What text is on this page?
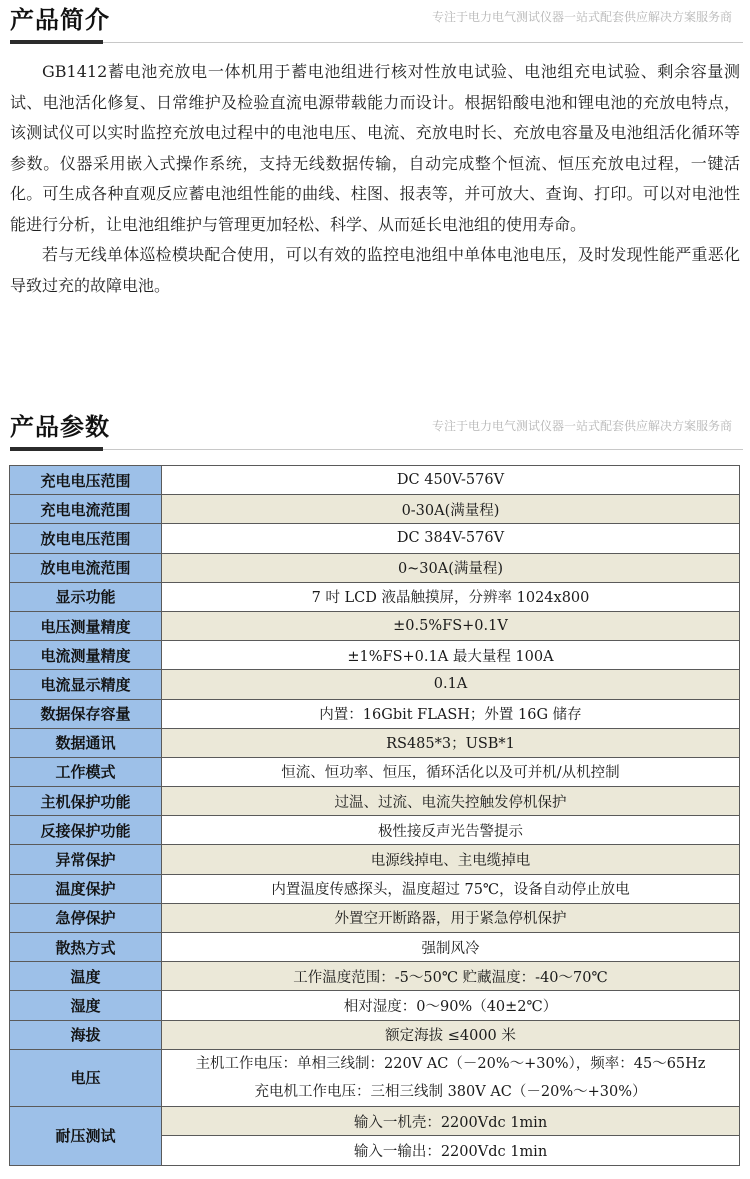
产品简介	专注于电力电气测试仪器一站式配套供应解决方案服务商

GB1412蓄电池充放电一体机用于蓄电池组进行核对性放电试验、电池组充电试验、剩余容量测试、电池活化修复、日常维护及检验直流电源带载能力而设计。根据铅酸电池和锂电池的充放电特点，该测试仪可以实时监控充放电过程中的电池电压、电流、充放电时长、充放电容量及电池组活化循环等参数。仪器采用嵌入式操作系统，支持无线数据传输，自动完成整个恒流、恒压充放电过程，一键活化。可生成各种直观反应蓄电池组性能的曲线、柱图、报表等，并可放大、查询、打印。可以对电池性能进行分析，让电池组维护与管理更加轻松、科学、从而延长电池组的使用寿命。

若与无线单体巡检模块配合使用，可以有效的监控电池组中单体电池电压，及时发现性能严重恶化导致过充的故障电池。

产品参数	专注于电力电气测试仪器一站式配套供应解决方案服务商
充电电压范围	DC 450V-576V
充电电流范围	0-30A(满量程)
放电电压范围	DC 384V-576V
放电电流范围	0~30A(满量程)
显示功能	7 吋 LCD 液晶触摸屏，分辨率 1024x800
电压测量精度	±0.5%FS+0.1V
电流测量精度	±1%FS+0.1A 最大量程 100A
电流显示精度	0.1A
数据保存容量	内置：16Gbit FLASH；外置 16G 储存
数据通讯	RS485*3；USB*1
工作模式	恒流、恒功率、恒压，循环活化以及可并机/从机控制
主机保护功能	过温、过流、电流失控触发停机保护
反接保护功能	极性接反声光告警提示
异常保护	电源线掉电、主电缆掉电
温度保护	内置温度传感探头，温度超过 75℃，设备自动停止放电
急停保护	外置空开断路器，用于紧急停机保护
散热方式	强制风冷
温度	工作温度范围：-5～50℃ 贮藏温度：-40～70℃
湿度	相对湿度：0～90%（40±2℃）
海拔	额定海拔 ≤4000 米
电压	主机工作电压：单相三线制：220V AC（－20%～+30%），频率：45～65Hz
充电机工作电压：三相三线制 380V AC（－20%～+30%）

耐压测试	输入一机壳：2200Vdc 1min
	输入一输出：2200Vdc 1min
